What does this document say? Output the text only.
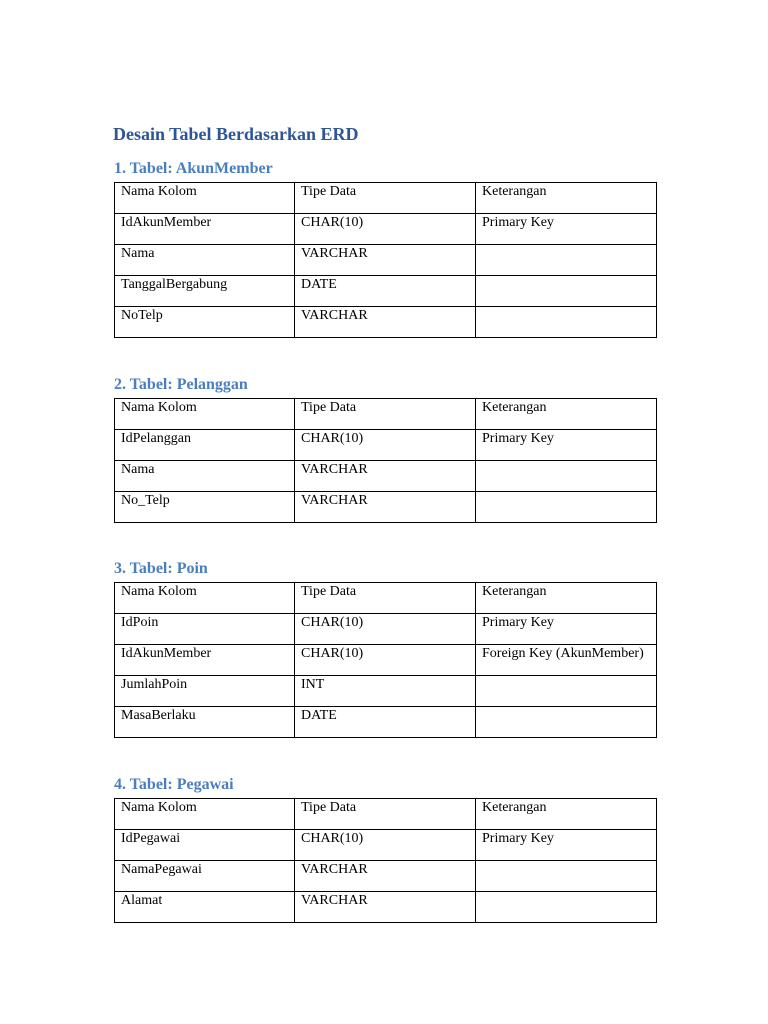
Desain Tabel Berdasarkan ERD
1. Tabel: AkunMember
Nama Kolom	Tipe Data	Keterangan
IdAkunMember	CHAR(10)	Primary Key
Nama	VARCHAR	
TanggalBergabung	DATE	
NoTelp	VARCHAR	
2. Tabel: Pelanggan
Nama Kolom	Tipe Data	Keterangan
IdPelanggan	CHAR(10)	Primary Key
Nama	VARCHAR	
No_Telp	VARCHAR	
3. Tabel: Poin
Nama Kolom	Tipe Data	Keterangan
IdPoin	CHAR(10)	Primary Key
IdAkunMember	CHAR(10)	Foreign Key (AkunMember)
JumlahPoin	INT	
MasaBerlaku	DATE	
4. Tabel: Pegawai
Nama Kolom	Tipe Data	Keterangan
IdPegawai	CHAR(10)	Primary Key
NamaPegawai	VARCHAR	
Alamat	VARCHAR	
